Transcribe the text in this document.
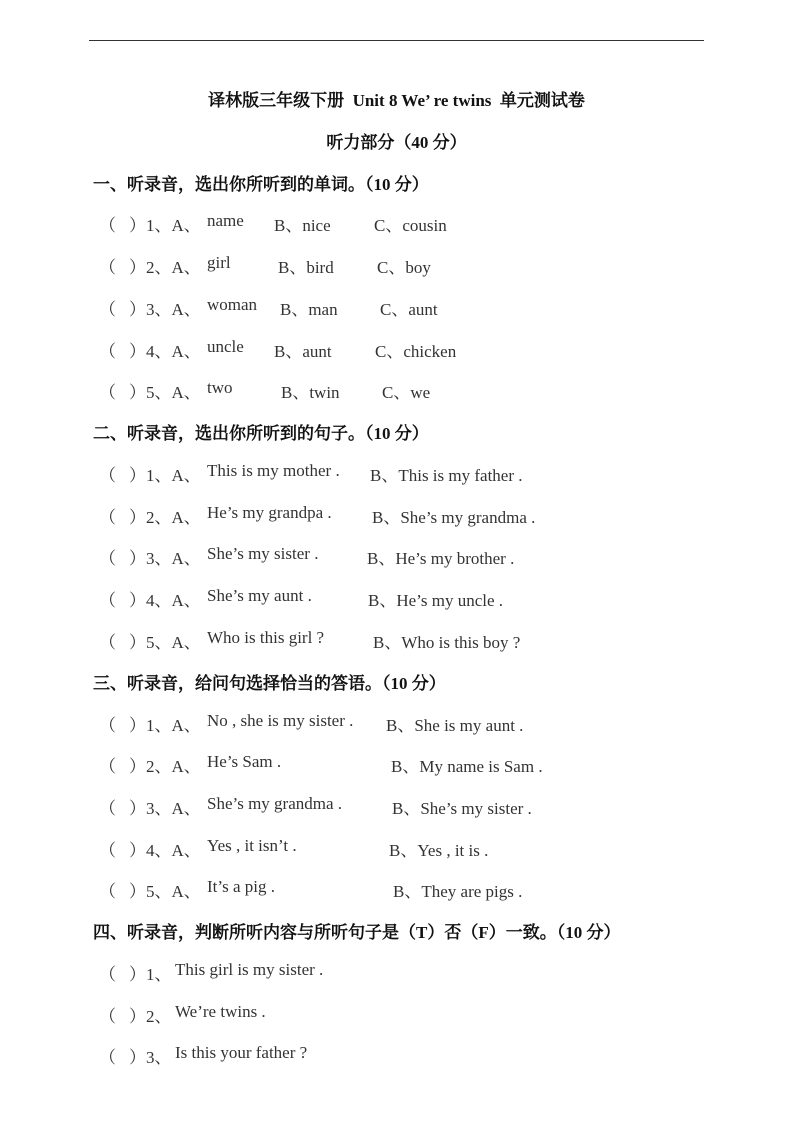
译林版三年级下册  Unit 8 We’ re twins  单元测试卷
听力部分（40 分）
一、听录音，选出你所听到的单词。（10 分）

（

）1、A、

name

B、nice

	C、cousin

（

）2、A、

girl

	B、bird

	C、boy

（

）3、A、

woman

B、man

C、aunt

（

）4、A、

uncle

B、aunt

	C、chicken

（

）5、A、

two

	B、twin

C、we

二、听录音，选出你所听到的句子。（10 分）

（

）1、A、

This is my mother .

B、This is my father .

（

）2、A、

He’s my grandpa .

B、She’s my grandma .

（

）3、A、

She’s my sister .

	B、He’s my brother .

（

）4、A、

She’s my aunt .

	B、He’s my uncle .

（

）5、A、

Who is this girl ?

	B、Who is this boy ?

三、听录音，给问句选择恰当的答语。（10 分）

（

）1、A、

No , she is my sister .

B、She is my aunt .

（

）2、A、

He’s Sam .

	B、My name is Sam .

（

）3、A、

She’s my grandma .

	B、She’s my sister .

（

）4、A、

Yes , it isn’t .

	B、Yes , it is .

（

）5、A、

It’s a pig .

	B、They are pigs .

四、听录音，判断所听内容与所听句子是（T）否（F）一致。（10 分）

（

）1、

This girl is my sister .

（

）2、

We’re twins .

（

）3、

Is this your father ?
